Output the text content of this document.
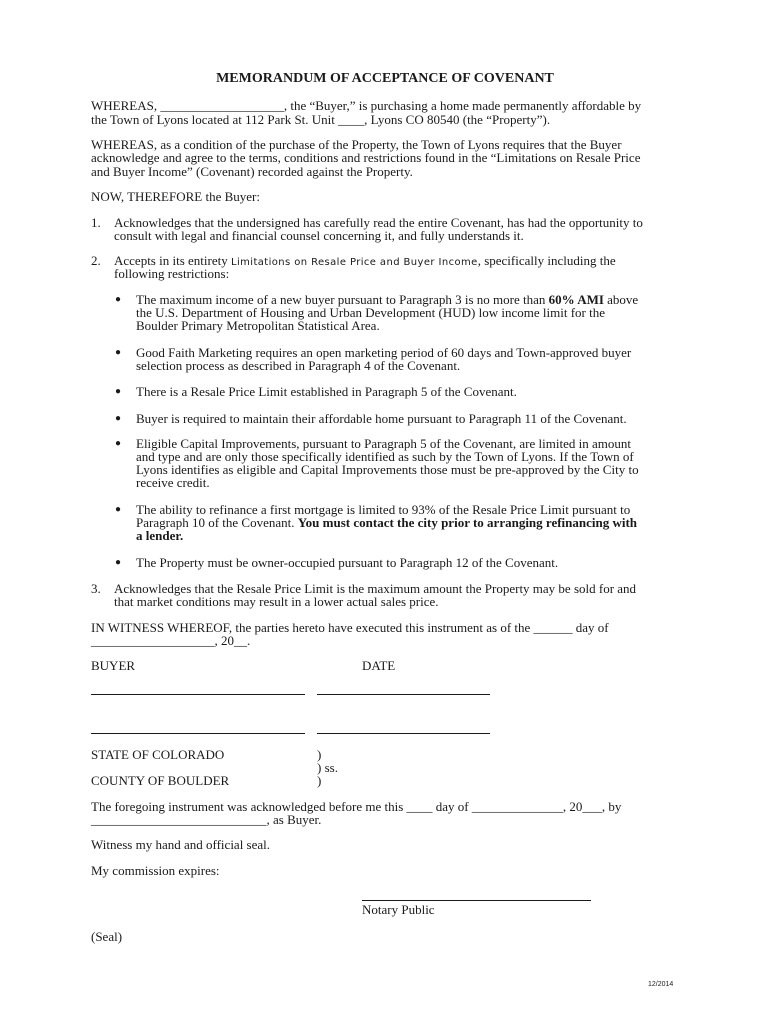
MEMORANDUM OF ACCEPTANCE OF COVENANT
WHEREAS, ___________________, the “Buyer,” is purchasing a home made permanently affordable by
the Town of Lyons located at 112 Park St. Unit ____, Lyons CO 80540 (the “Property”).
WHEREAS, as a condition of the purchase of the Property, the Town of Lyons requires that the Buyer
acknowledge and agree to the terms, conditions and restrictions found in the “Limitations on Resale Price
and Buyer Income” (Covenant) recorded against the Property.
NOW, THEREFORE the Buyer:
1. Acknowledges that the undersigned has carefully read the entire Covenant, has had the opportunity to
consult with legal and financial counsel concerning it, and fully understands it.
2. Accepts in its entirety Limitations on Resale Price and Buyer Income, specifically including the
following restrictions:
● The maximum income of a new buyer pursuant to Paragraph 3 is no more than 60% AMI above
the U.S. Department of Housing and Urban Development (HUD) low income limit for the
Boulder Primary Metropolitan Statistical Area.
● Good Faith Marketing requires an open marketing period of 60 days and Town-approved buyer
selection process as described in Paragraph 4 of the Covenant.
● There is a Resale Price Limit established in Paragraph 5 of the Covenant.
● Buyer is required to maintain their affordable home pursuant to Paragraph 11 of the Covenant.
● Eligible Capital Improvements, pursuant to Paragraph 5 of the Covenant, are limited in amount
and type and are only those specifically identified as such by the Town of Lyons. If the Town of
Lyons identifies as eligible and Capital Improvements those must be pre-approved by the City to
receive credit.
● The ability to refinance a first mortgage is limited to 93% of the Resale Price Limit pursuant to
Paragraph 10 of the Covenant. You must contact the city prior to arranging refinancing with
a lender.
● The Property must be owner-occupied pursuant to Paragraph 12 of the Covenant.
3. Acknowledges that the Resale Price Limit is the maximum amount the Property may be sold for and
that market conditions may result in a lower actual sales price.
IN WITNESS WHEREOF, the parties hereto have executed this instrument as of the ______ day of
___________________, 20__.
BUYER	DATE
STATE OF COLORADO	)
) ss.
COUNTY OF BOULDER	)
The foregoing instrument was acknowledged before me this ____ day of ______________, 20___, by
___________________________, as Buyer.
Witness my hand and official seal.
My commission expires:
Notary Public
(Seal)
12/2014
